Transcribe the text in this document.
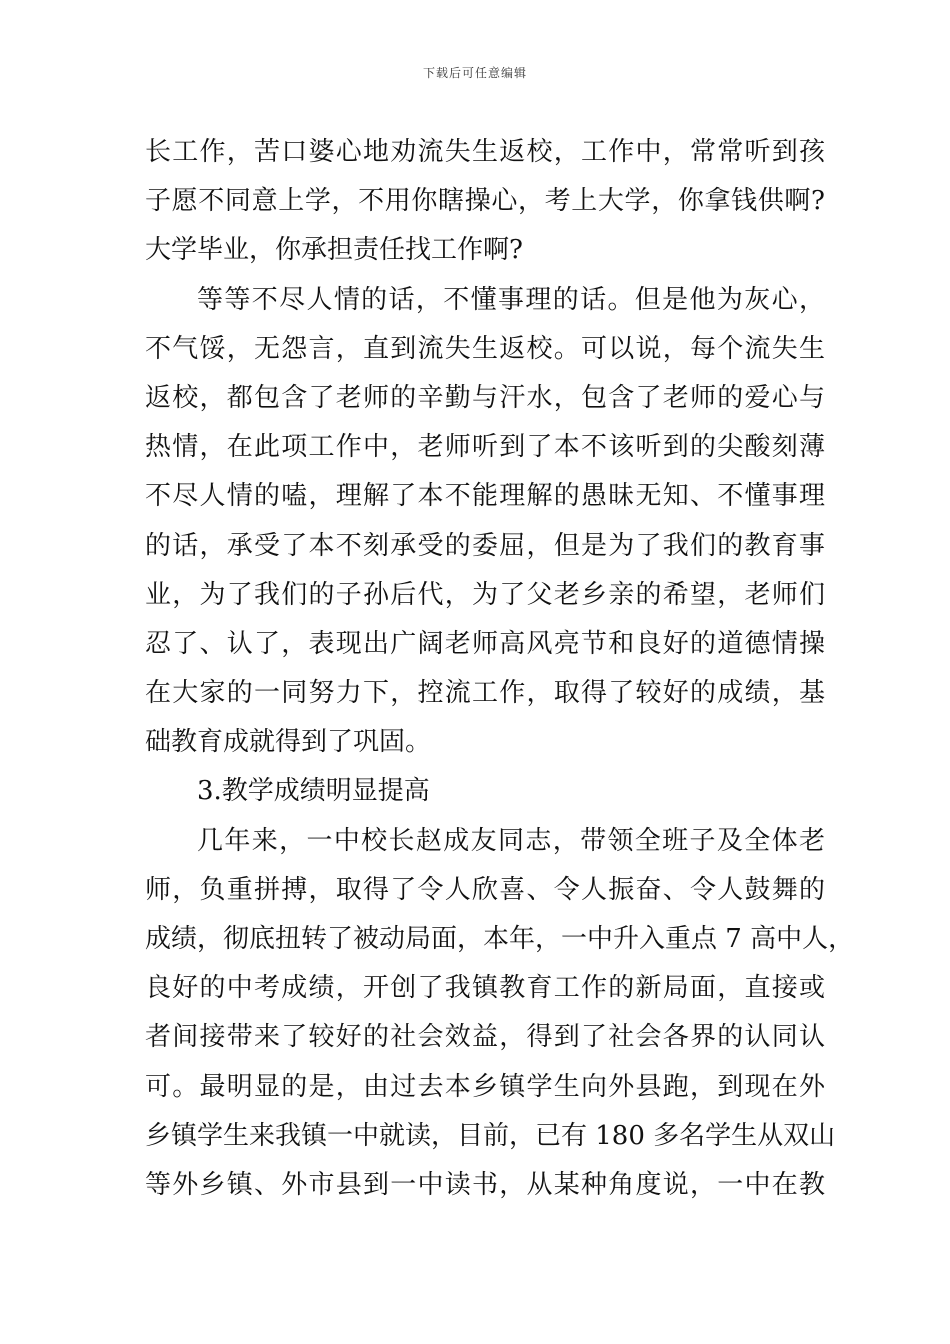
下载后可任意编辑
长工作，苦口婆心地劝流失生返校，工作中，常常听到孩
子愿不同意上学，不用你瞎操心，考上大学，你拿钱供啊?
大学毕业，你承担责任找工作啊?
等等不尽人情的话，不懂事理的话。但是他为灰心，
不气馁，无怨言，直到流失生返校。可以说，每个流失生
返校，都包含了老师的辛勤与汗水，包含了老师的爱心与
热情，在此项工作中，老师听到了本不该听到的尖酸刻薄
不尽人情的嗑，理解了本不能理解的愚昧无知、不懂事理
的话，承受了本不刻承受的委屈，但是为了我们的教育事
业，为了我们的子孙后代，为了父老乡亲的希望，老师们
忍了、认了，表现出广阔老师高风亮节和良好的道德情操
在大家的一同努力下，控流工作，取得了较好的成绩，基
础教育成就得到了巩固。
3.教学成绩明显提高
几年来，一中校长赵成友同志，带领全班子及全体老
师，负重拼搏，取得了令人欣喜、令人振奋、令人鼓舞的
成绩，彻底扭转了被动局面，本年，一中升入重点 7 高中人，
良好的中考成绩，开创了我镇教育工作的新局面，直接或
者间接带来了较好的社会效益，得到了社会各界的认同认
可。最明显的是，由过去本乡镇学生向外县跑，到现在外
乡镇学生来我镇一中就读，目前，已有 180 多名学生从双山
等外乡镇、外市县到一中读书，从某种角度说，一中在教
